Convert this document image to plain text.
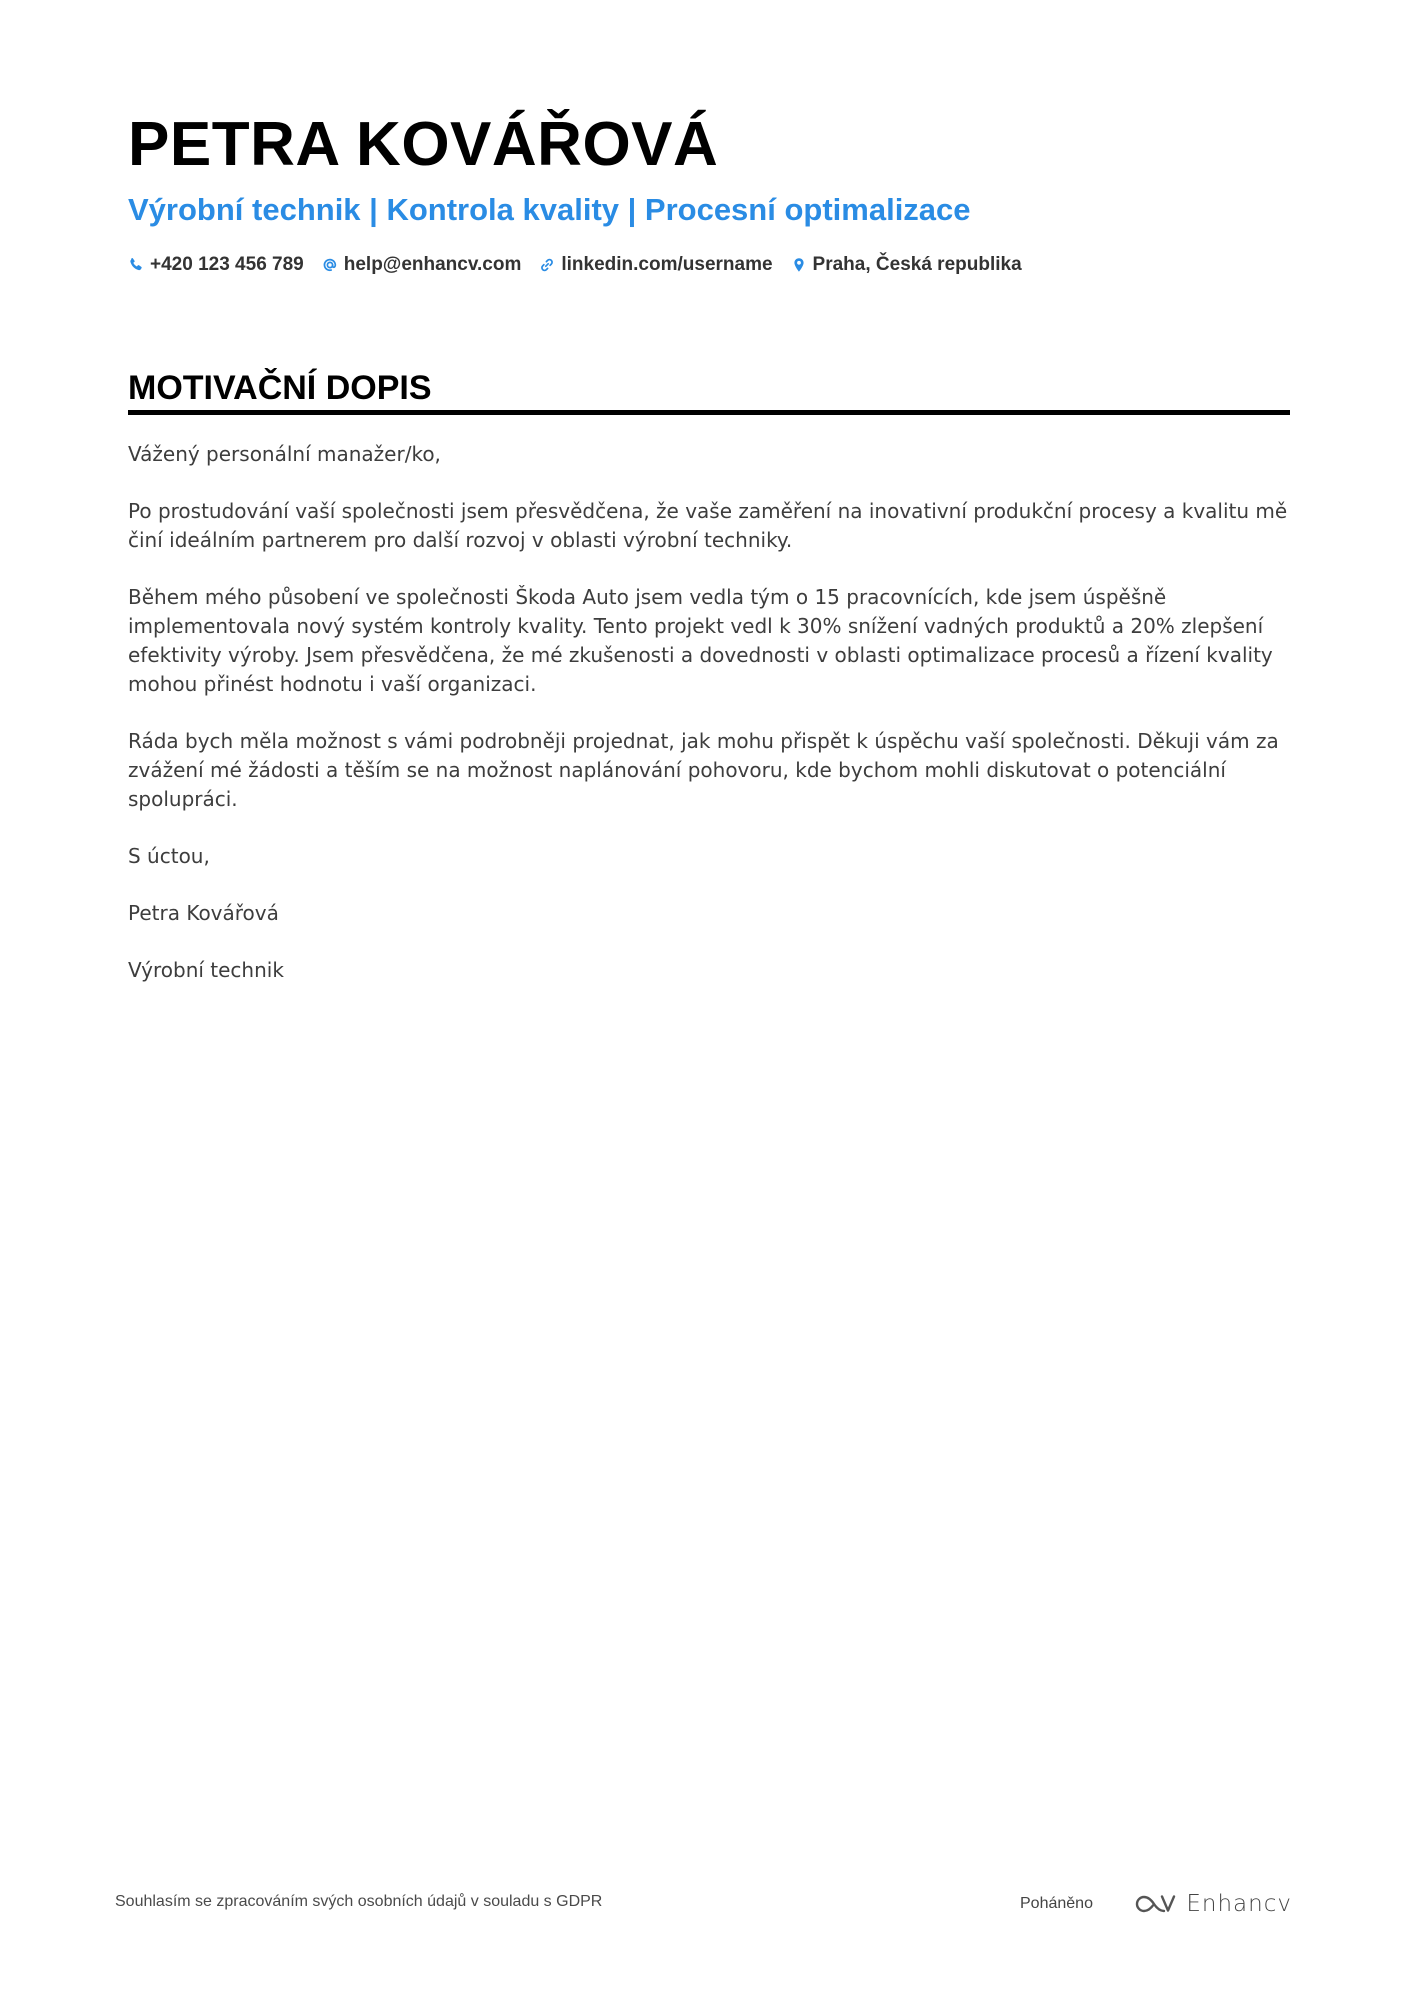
PETRA KOVÁŘOVÁ
Výrobní technik | Kontrola kvality | Procesní optimalizace
+420 123 456 789 help@enhancv.com linkedin.com/username Praha, Česká republika
MOTIVAČNÍ DOPIS

Vážený personální manažer/ko,

Po prostudování vaší společnosti jsem přesvědčena, že vaše zaměření na inovativní produkční procesy a kvalitu mě činí ideálním partnerem pro další rozvoj v oblasti výrobní techniky.

Během mého působení ve společnosti Škoda Auto jsem vedla tým o 15 pracovnících, kde jsem úspěšně implementovala nový systém kontroly kvality. Tento projekt vedl k 30% snížení vadných produktů a 20% zlepšení efektivity výroby. Jsem přesvědčena, že mé zkušenosti a dovednosti v oblasti optimalizace procesů a řízení kvality mohou přinést hodnotu i vaší organizaci.

Ráda bych měla možnost s vámi podrobněji projednat, jak mohu přispět k úspěchu vaší společnosti. Děkuji vám za zvážení mé žádosti a těším se na možnost naplánování pohovoru, kde bychom mohli diskutovat o potenciální spolupráci.

S úctou,

Petra Kovářová

Výrobní technik

Souhlasím se zpracováním svých osobních údajů v souladu s GDPR	Poháněno	Enhancv
